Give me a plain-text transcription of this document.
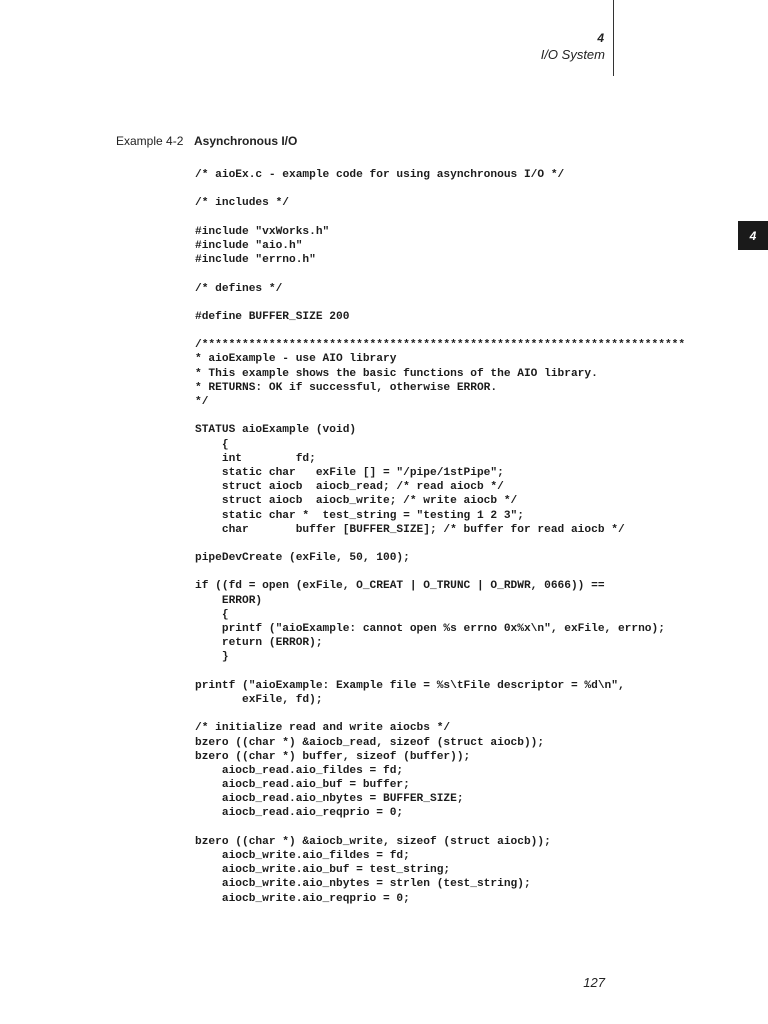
4
I/O System
4
Example 4-2 Asynchronous I/O
/* aioEx.c - example code for using asynchronous I/O */
/* includes */
#include "vxWorks.h"
#include "aio.h"
#include "errno.h"
/* defines */
#define BUFFER_SIZE 200
/************************************************************************
* aioExample - use AIO library
* This example shows the basic functions of the AIO library.
* RETURNS: OK if successful, otherwise ERROR.
*/
STATUS aioExample (void)
{
int        fd;
static char   exFile [] = "/pipe/1stPipe";
struct aiocb  aiocb_read; /* read aiocb */
struct aiocb  aiocb_write; /* write aiocb */
static char *  test_string = "testing 1 2 3";
char       buffer [BUFFER_SIZE]; /* buffer for read aiocb */
pipeDevCreate (exFile, 50, 100);
if ((fd = open (exFile, O_CREAT | O_TRUNC | O_RDWR, 0666)) ==
ERROR)
{
printf ("aioExample: cannot open %s errno 0x%x\n", exFile, errno);
return (ERROR);
}
printf ("aioExample: Example file = %s\tFile descriptor = %d\n",
exFile, fd);
/* initialize read and write aiocbs */
bzero ((char *) &aiocb_read, sizeof (struct aiocb));
bzero ((char *) buffer, sizeof (buffer));
aiocb_read.aio_fildes = fd;
aiocb_read.aio_buf = buffer;
aiocb_read.aio_nbytes = BUFFER_SIZE;
aiocb_read.aio_reqprio = 0;
bzero ((char *) &aiocb_write, sizeof (struct aiocb));
aiocb_write.aio_fildes = fd;
aiocb_write.aio_buf = test_string;
aiocb_write.aio_nbytes = strlen (test_string);
aiocb_write.aio_reqprio = 0;
127
